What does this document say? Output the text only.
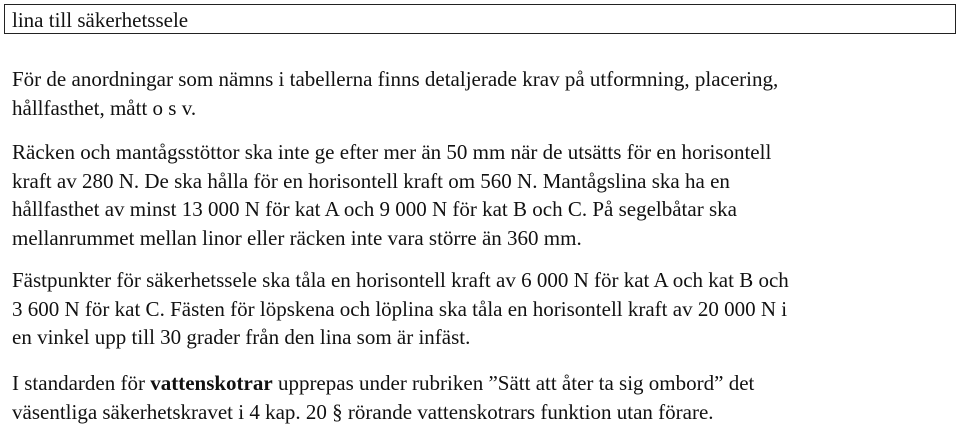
lina till säkerhetssele

För de anordningar som nämns i tabellerna finns detaljerade krav på utformning, placering,
hållfasthet, mått o s v.

Räcken och mantågsstöttor ska inte ge efter mer än 50 mm när de utsätts för en horisontell
kraft av 280 N. De ska hålla för en horisontell kraft om 560 N. Mantågslina ska ha en
hållfasthet av minst 13 000 N för kat A och 9 000 N för kat B och C. På segelbåtar ska
mellanrummet mellan linor eller räcken inte vara större än 360 mm.

Fästpunkter för säkerhetssele ska tåla en horisontell kraft av 6 000 N för kat A och kat B och
3 600 N för kat C. Fästen för löpskena och löplina ska tåla en horisontell kraft av 20 000 N i
en vinkel upp till 30 grader från den lina som är infäst.

I standarden för vattenskotrar upprepas under rubriken ”Sätt att åter ta sig ombord” det
väsentliga säkerhetskravet i 4 kap. 20 § rörande vattenskotrars funktion utan förare.
